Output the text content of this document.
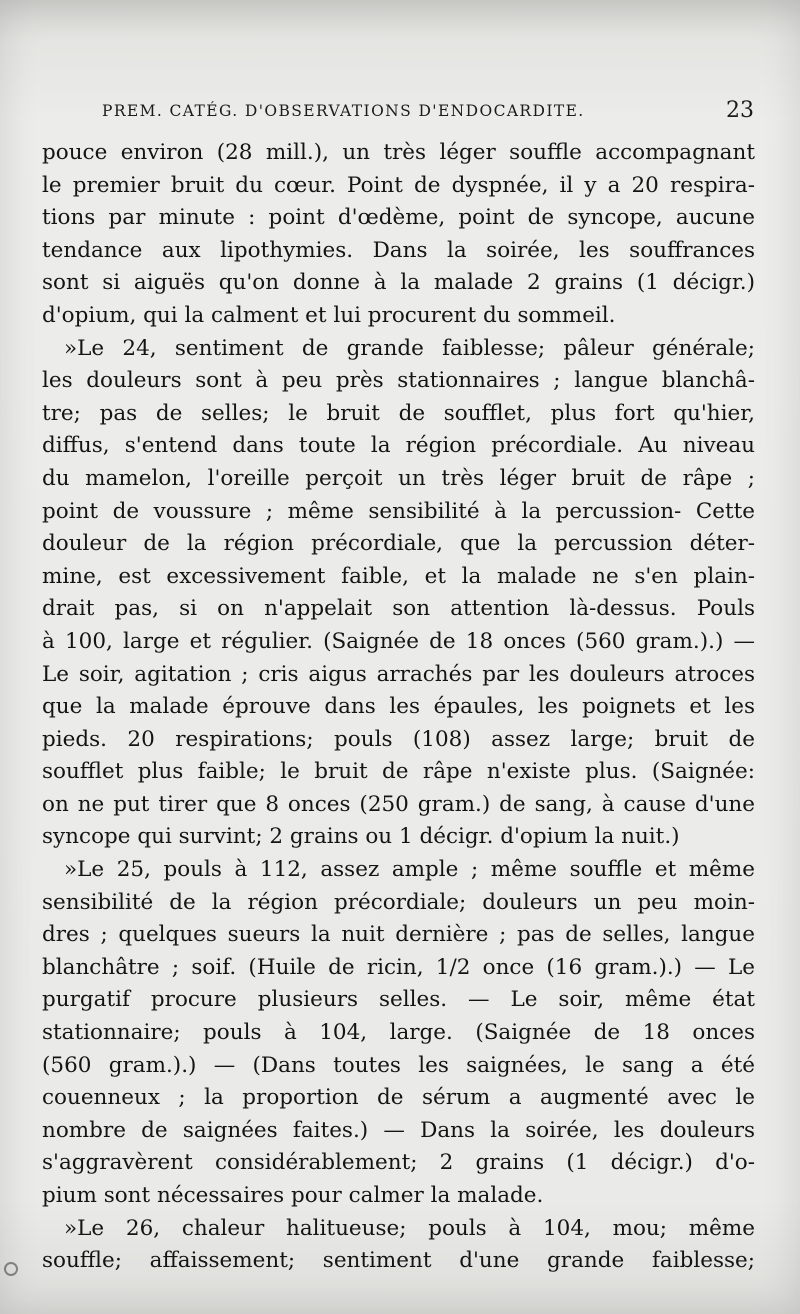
PREM. CATÉG. D'OBSERVATIONS D'ENDOCARDITE.	23
pouce environ (28 mill.), un très léger souffle accompagnant
le premier bruit du cœur. Point de dyspnée, il y a 20 respira-
tions par minute : point d'œdème, point de syncope, aucune
tendance aux lipothymies. Dans la soirée, les souffrances
sont si aiguës qu'on donne à la malade 2 grains (1 décigr.)
d'opium, qui la calment et lui procurent du sommeil.
»Le 24, sentiment de grande faiblesse; pâleur générale;
les douleurs sont à peu près stationnaires ; langue blanchâ-
tre; pas de selles; le bruit de soufflet, plus fort qu'hier,
diffus, s'entend dans toute la région précordiale. Au niveau
du mamelon, l'oreille perçoit un très léger bruit de râpe ;
point de voussure ; même sensibilité à la percussion- Cette
douleur de la région précordiale, que la percussion déter-
mine, est excessivement faible, et la malade ne s'en plain-
drait pas, si on n'appelait son attention là-dessus. Pouls
à 100, large et régulier. (Saignée de 18 onces (560 gram.).) —
Le soir, agitation ; cris aigus arrachés par les douleurs atroces
que la malade éprouve dans les épaules, les poignets et les
pieds. 20 respirations; pouls (108) assez large; bruit de
soufflet plus faible; le bruit de râpe n'existe plus. (Saignée:
on ne put tirer que 8 onces (250 gram.) de sang, à cause d'une
syncope qui survint; 2 grains ou 1 décigr. d'opium la nuit.)
»Le 25, pouls à 112, assez ample ; même souffle et même
sensibilité de la région précordiale; douleurs un peu moin-
dres ; quelques sueurs la nuit dernière ; pas de selles, langue
blanchâtre ; soif. (Huile de ricin, 1/2 once (16 gram.).) — Le
purgatif procure plusieurs selles. — Le soir, même état
stationnaire; pouls à 104, large. (Saignée de 18 onces
(560 gram.).) — (Dans toutes les saignées, le sang a été
couenneux ; la proportion de sérum a augmenté avec le
nombre de saignées faites.) — Dans la soirée, les douleurs
s'aggravèrent considérablement; 2 grains (1 décigr.) d'o-
pium sont nécessaires pour calmer la malade.
»Le 26, chaleur halitueuse; pouls à 104, mou; même
souffle; affaissement; sentiment d'une grande faiblesse;
